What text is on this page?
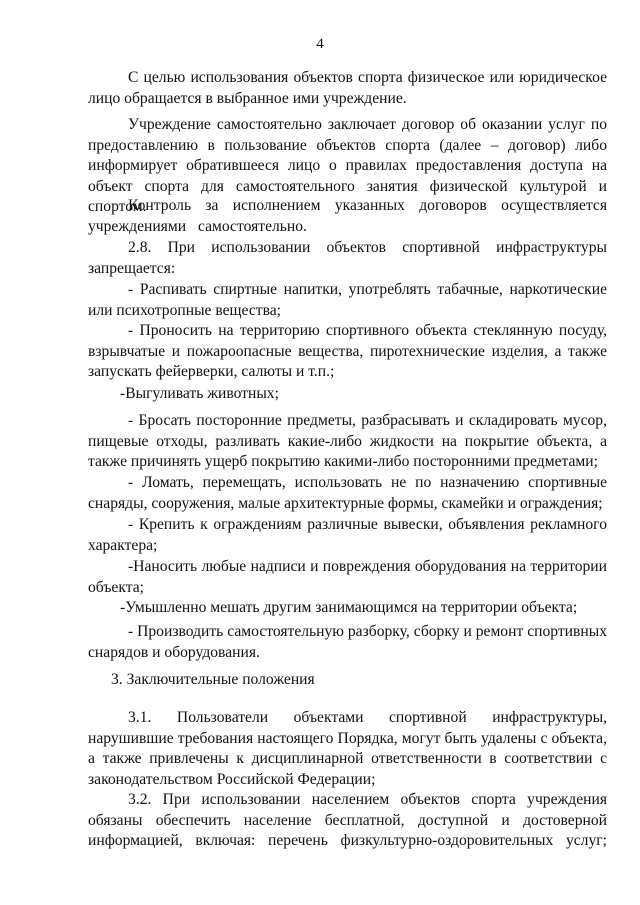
4

С целью использования объектов спорта физическое или юридическое лицо обращается в выбранное ими учреждение.

Учреждение самостоятельно заключает договор об оказании услуг по предоставлению в пользование объектов спорта (далее – договор) либо информирует обратившееся лицо о правилах предоставления доступа на объект спорта для самостоятельного занятия физической культурой и спортом.

Контроль за исполнением указанных договоров осуществляется учреждениями самостоятельно.

2.8. При использовании объектов спортивной инфраструктуры запрещается:

- Распивать спиртные напитки, употреблять табачные, наркотические или психотропные вещества;

- Проносить на территорию спортивного объекта стеклянную посуду, взрывчатые и пожароопасные вещества, пиротехнические изделия, а также запускать фейерверки, салюты и т.п.;

-Выгуливать животных;

- Бросать посторонние предметы, разбрасывать и складировать мусор, пищевые отходы, разливать какие-либо жидкости на покрытие объекта, а также причинять ущерб покрытию какими-либо посторонними предметами;

- Ломать, перемещать, использовать не по назначению спортивные снаряды, сооружения, малые архитектурные формы, скамейки и ограждения;

- Крепить к ограждениям различные вывески, объявления рекламного характера;

-Наносить любые надписи и повреждения оборудования на территории объекта;

-Умышленно мешать другим занимающимся на территории объекта;

- Производить самостоятельную разборку, сборку и ремонт спортивных снарядов и оборудования.

3. Заключительные положения

3.1. Пользователи объектами спортивной инфраструктуры, нарушившие требования настоящего Порядка, могут быть удалены с объекта, а также привлечены к дисциплинарной ответственности в соответствии с законодательством Российской Федерации;

3.2. При использовании населением объектов спорта учреждения обязаны обеспечить население бесплатной, доступной и достоверной информацией, включая: перечень физкультурно-оздоровительных услуг;
